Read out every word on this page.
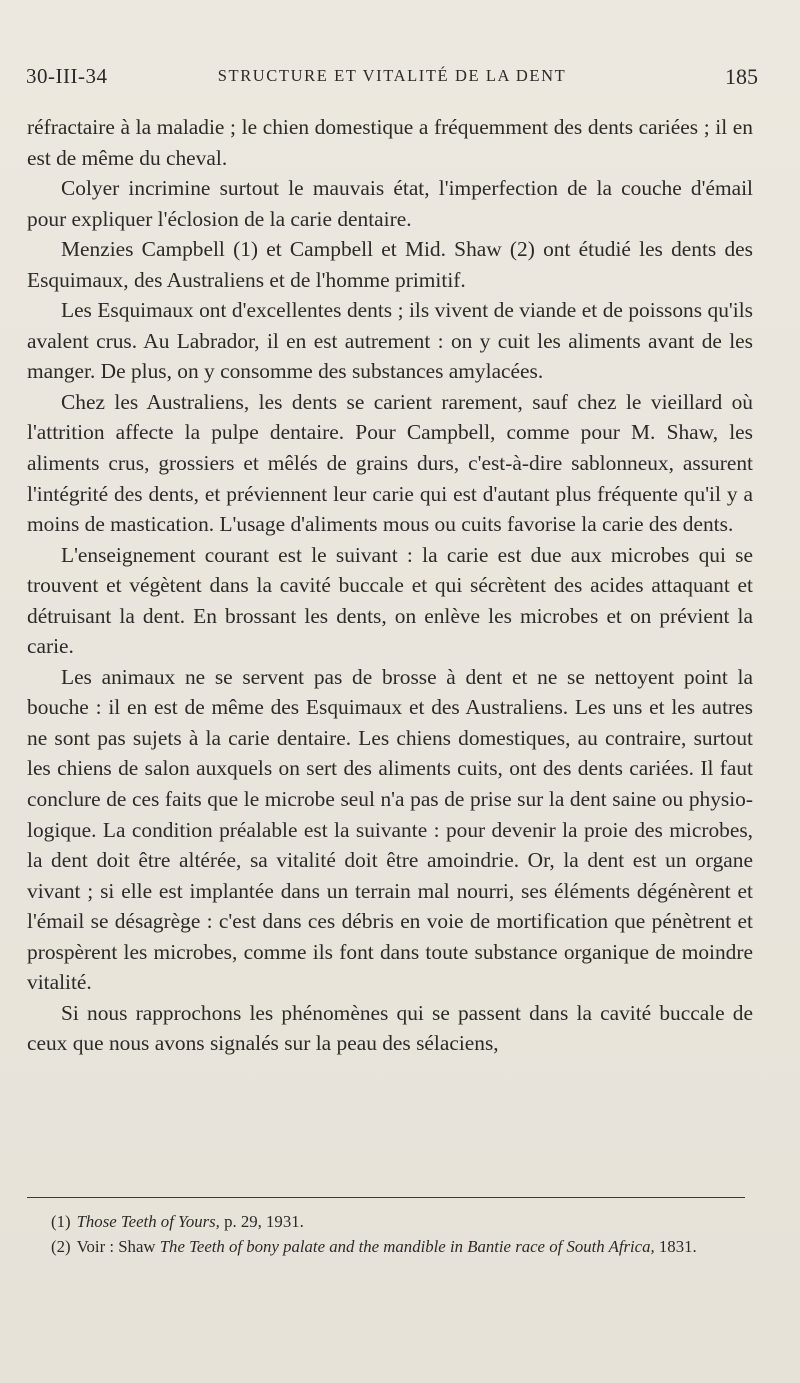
30-III-34	STRUCTURE ET VITALITÉ DE LA DENT	185

réfractaire à la maladie ; le chien domestique a fréquemment des dents cariées ; il en est de même du cheval.

Colyer incrimine surtout le mauvais état, l'imperfection de la couche d'émail pour expliquer l'éclosion de la carie dentaire.

Menzies Campbell (1) et Campbell et Mid. Shaw (2) ont étudié les dents des Esquimaux, des Australiens et de l'homme primitif.

Les Esquimaux ont d'excellentes dents ; ils vivent de viande et de poissons qu'ils avalent crus. Au Labrador, il en est autrement : on y cuit les aliments avant de les manger. De plus, on y consomme des substances amylacées.

Chez les Australiens, les dents se carient rarement, sauf chez le vieillard où l'attrition affecte la pulpe dentaire. Pour Campbell, comme pour M. Shaw, les aliments crus, grossiers et mêlés de grains durs, c'est-à-dire sablonneux, assurent l'intégrité des dents, et préviennent leur carie qui est d'autant plus fréquente qu'il y a moins de mastication. L'usage d'aliments mous ou cuits favorise la carie des dents.

L'enseignement courant est le suivant : la carie est due aux microbes qui se trouvent et végètent dans la cavité buccale et qui sécrètent des acides attaquant et détruisant la dent. En brossant les dents, on enlève les microbes et on prévient la carie.

Les animaux ne se servent pas de brosse à dent et ne se nettoyent point la bouche : il en est de même des Esquimaux et des Australiens. Les uns et les autres ne sont pas sujets à la carie dentaire. Les chiens domestiques, au contraire, surtout les chiens de salon auxquels on sert des aliments cuits, ont des dents cariées. Il faut conclure de ces faits que le microbe seul n'a pas de prise sur la dent saine ou physiologique. La condition préalable est la suivante : pour devenir la proie des microbes, la dent doit être altérée, sa vitalité doit être amoindrie. Or, la dent est un organe vivant ; si elle est implantée dans un terrain mal nourri, ses éléments dégénèrent et l'émail se désagrège : c'est dans ces débris en voie de mortification que pénètrent et prospèrent les microbes, comme ils font dans toute substance organique de moindre vitalité.

Si nous rapprochons les phénomènes qui se passent dans la cavité buccale de ceux que nous avons signalés sur la peau des sélaciens,

(1) Those Teeth of Yours, p. 29, 1931.

(2) Voir : Shaw The Teeth of bony palate and the mandible in Bantie race of South Africa, 1831.
